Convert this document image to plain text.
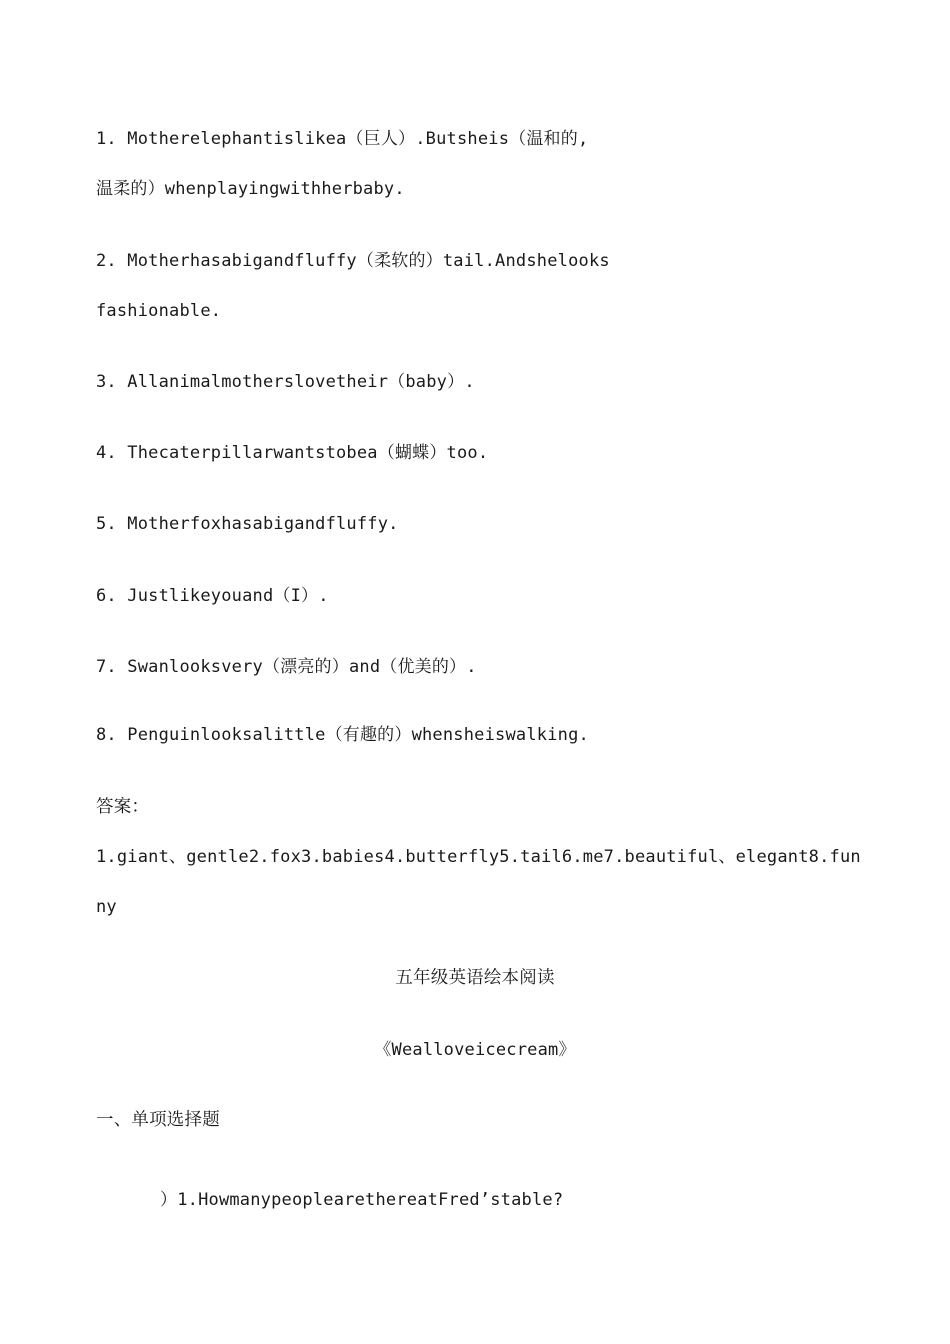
1. Motherelephantislikea（巨人）.Butsheis（温和的,
温柔的）whenplayingwithherbaby.
2. Motherhasabigandfluffy（柔软的）tail.Andshelooks
fashionable.
3. Allanimalmotherslovetheir（baby）.
4. Thecaterpillarwantstobea（蝴蝶）too.
5. Motherfoxhasabigandfluffy.
6. Justlikeyouand（I）.
7. Swanlooksvery（漂亮的）and（优美的）.
8. Penguinlooksalittle（有趣的）whensheiswalking.
答案：
1.giant、gentle2.fox3.babies4.butterfly5.tail6.me7.beautiful、elegant8.fun
ny
五年级英语绘本阅读
《Wealloveicecream》
一、单项选择题
）1.HowmanypeoplearethereatFred’stable?
